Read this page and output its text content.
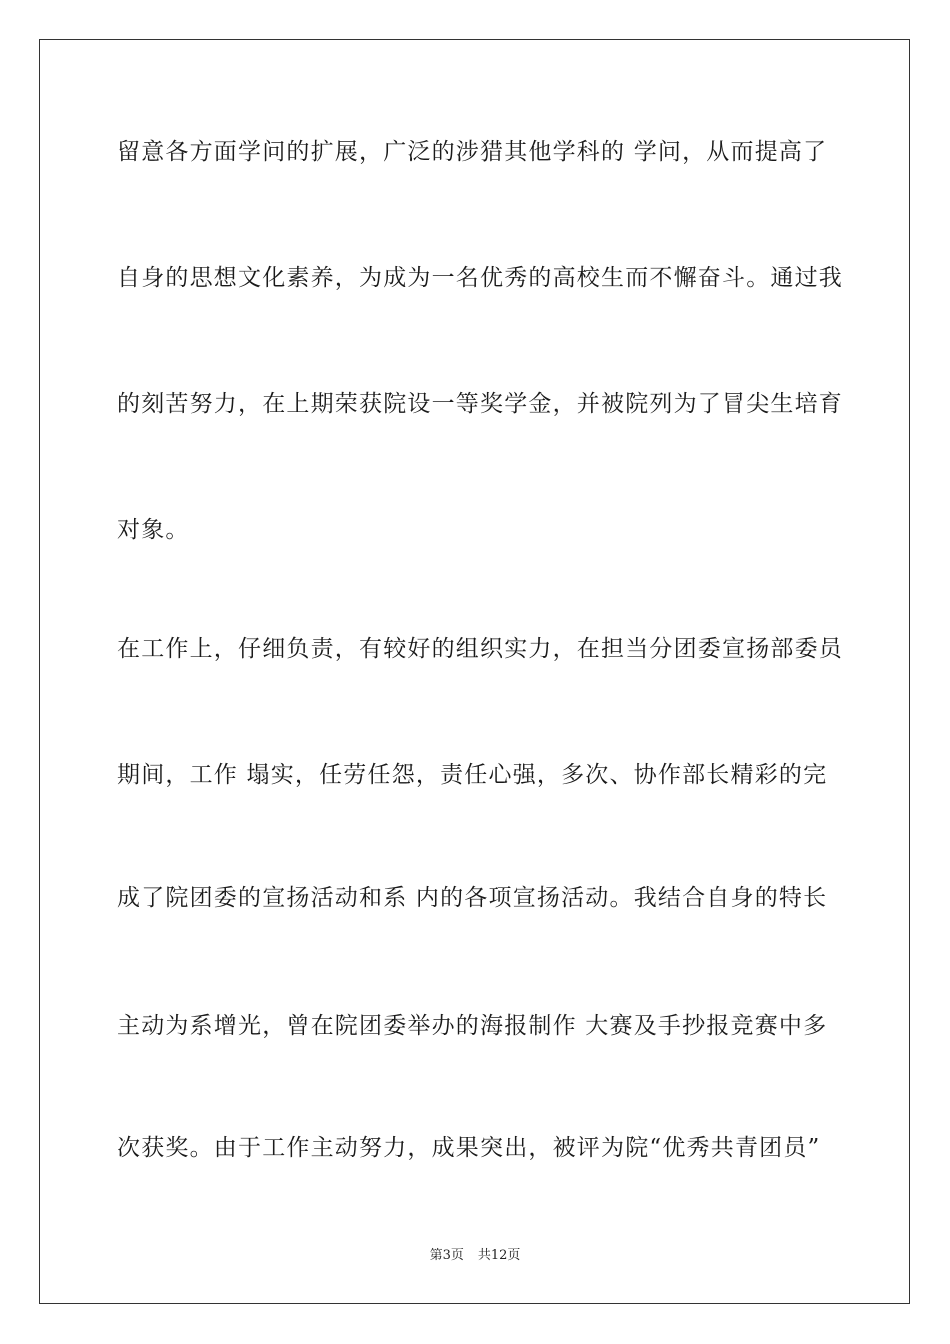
留意各方面学问的扩展，广泛的涉猎其他学科的 学问，从而提高了
自身的思想文化素养，为成为一名优秀的高校生而不懈奋斗。通过我
的刻苦努力，在上期荣获院设一等奖学金，并被院列为了冒尖生培育
对象。
在工作上，仔细负责，有较好的组织实力，在担当分团委宣扬部委员
期间，工作 塌实，任劳任怨，责任心强，多次、协作部长精彩的完
成了院团委的宣扬活动和系 内的各项宣扬活动。我结合自身的特长
主动为系增光，曾在院团委举办的海报制作 大赛及手抄报竞赛中多
次获奖。由于工作主动努力，成果突出，被评为院“优秀共青团员”
第3页 共12页
